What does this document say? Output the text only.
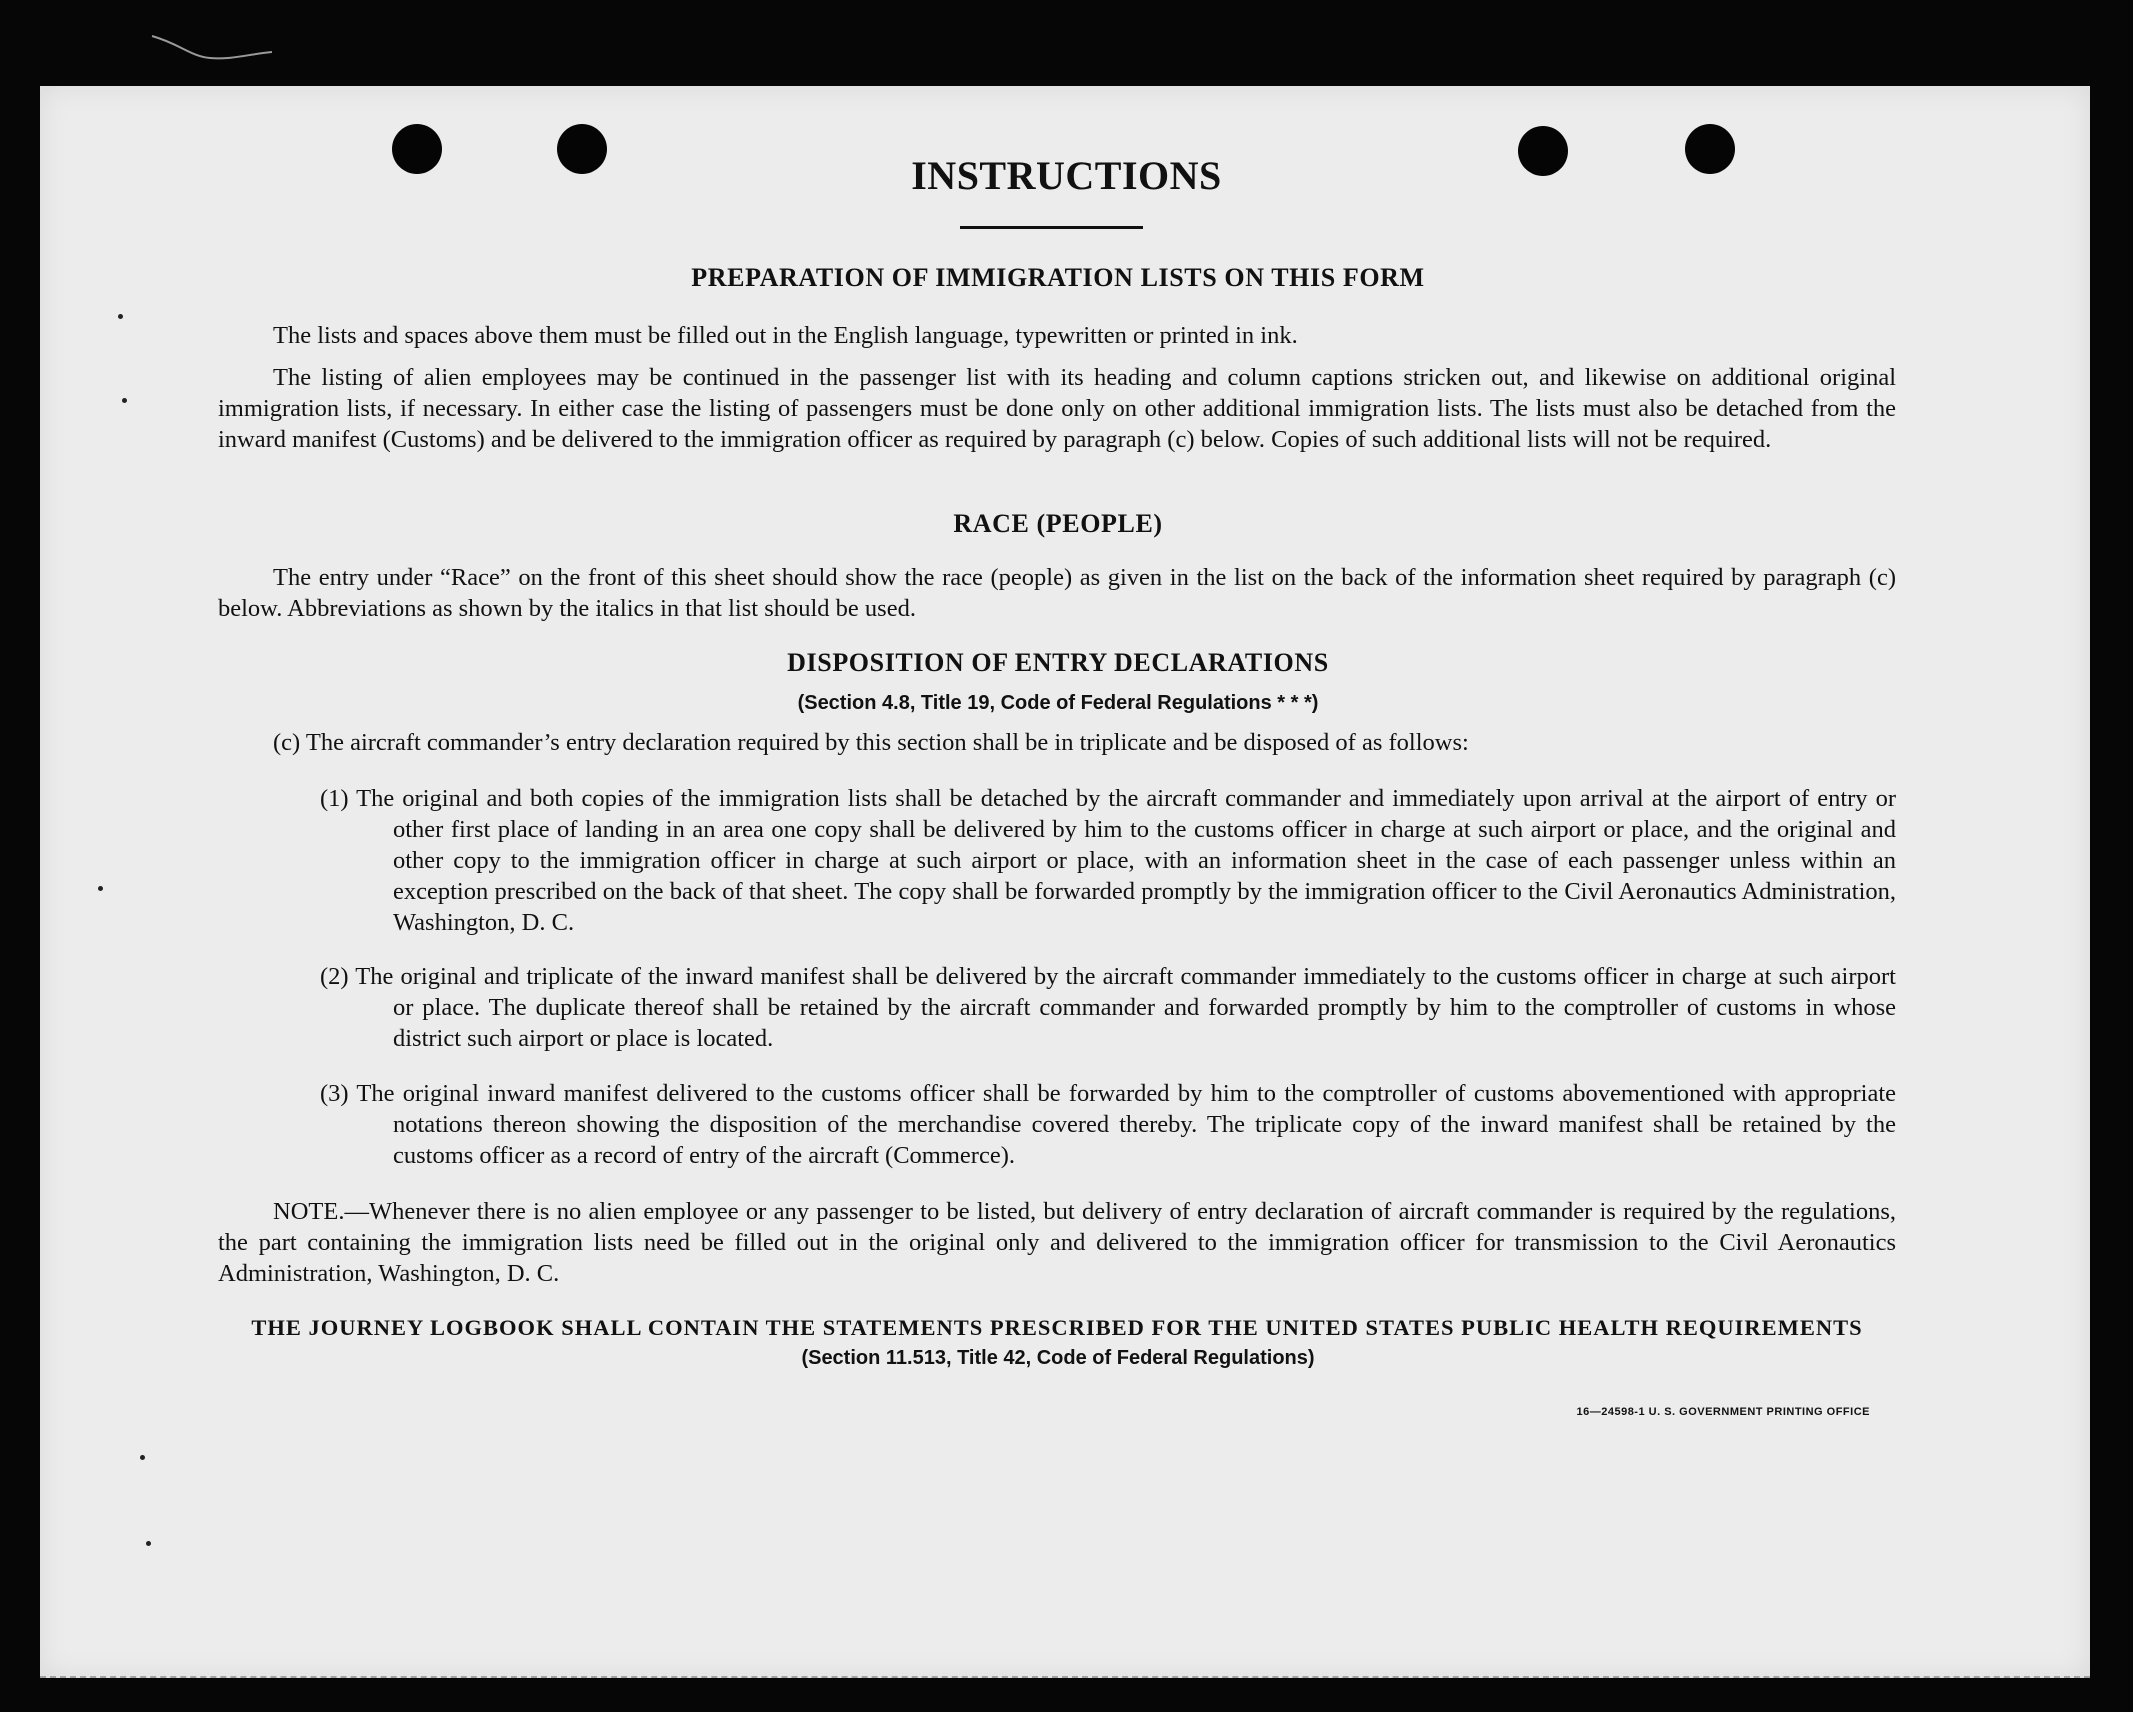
INSTRUCTIONS
PREPARATION OF IMMIGRATION LISTS ON THIS FORM
The lists and spaces above them must be filled out in the English language, typewritten or printed in ink.
The listing of alien employees may be continued in the passenger list with its heading and column captions stricken out, and likewise on additional original immigration lists, if necessary. In either case the listing of passengers must be done only on other additional immigration lists. The lists must also be detached from the inward manifest (Customs) and be delivered to the immigration officer as required by paragraph (c) below. Copies of such additional lists will not be required.
RACE (PEOPLE)
The entry under “Race” on the front of this sheet should show the race (people) as given in the list on the back of the information sheet required by paragraph (c) below. Abbreviations as shown by the italics in that list should be used.
DISPOSITION OF ENTRY DECLARATIONS
(Section 4.8, Title 19, Code of Federal Regulations * * *)
(c) The aircraft commander’s entry declaration required by this section shall be in triplicate and be disposed of as follows:
(1) The original and both copies of the immigration lists shall be detached by the aircraft commander and immediately upon arrival at the airport of entry or other first place of landing in an area one copy shall be delivered by him to the customs officer in charge at such airport or place, and the original and other copy to the immigration officer in charge at such airport or place, with an information sheet in the case of each passenger unless within an exception prescribed on the back of that sheet. The copy shall be forwarded promptly by the immigration officer to the Civil Aeronautics Administration, Washington, D. C.
(2) The original and triplicate of the inward manifest shall be delivered by the aircraft commander immediately to the customs officer in charge at such airport or place. The duplicate thereof shall be retained by the aircraft commander and forwarded promptly by him to the comptroller of customs in whose district such airport or place is located.
(3) The original inward manifest delivered to the customs officer shall be forwarded by him to the comptroller of customs abovementioned with appropriate notations thereon showing the disposition of the merchandise covered thereby. The triplicate copy of the inward manifest shall be retained by the customs officer as a record of entry of the aircraft (Commerce).
NOTE.—Whenever there is no alien employee or any passenger to be listed, but delivery of entry declaration of aircraft commander is required by the regulations, the part containing the immigration lists need be filled out in the original only and delivered to the immigration officer for transmission to the Civil Aeronautics Administration, Washington, D. C.
THE JOURNEY LOGBOOK SHALL CONTAIN THE STATEMENTS PRESCRIBED FOR THE UNITED STATES PUBLIC HEALTH REQUIREMENTS
(Section 11.513, Title 42, Code of Federal Regulations)
16—24598-1 U. S. GOVERNMENT PRINTING OFFICE
